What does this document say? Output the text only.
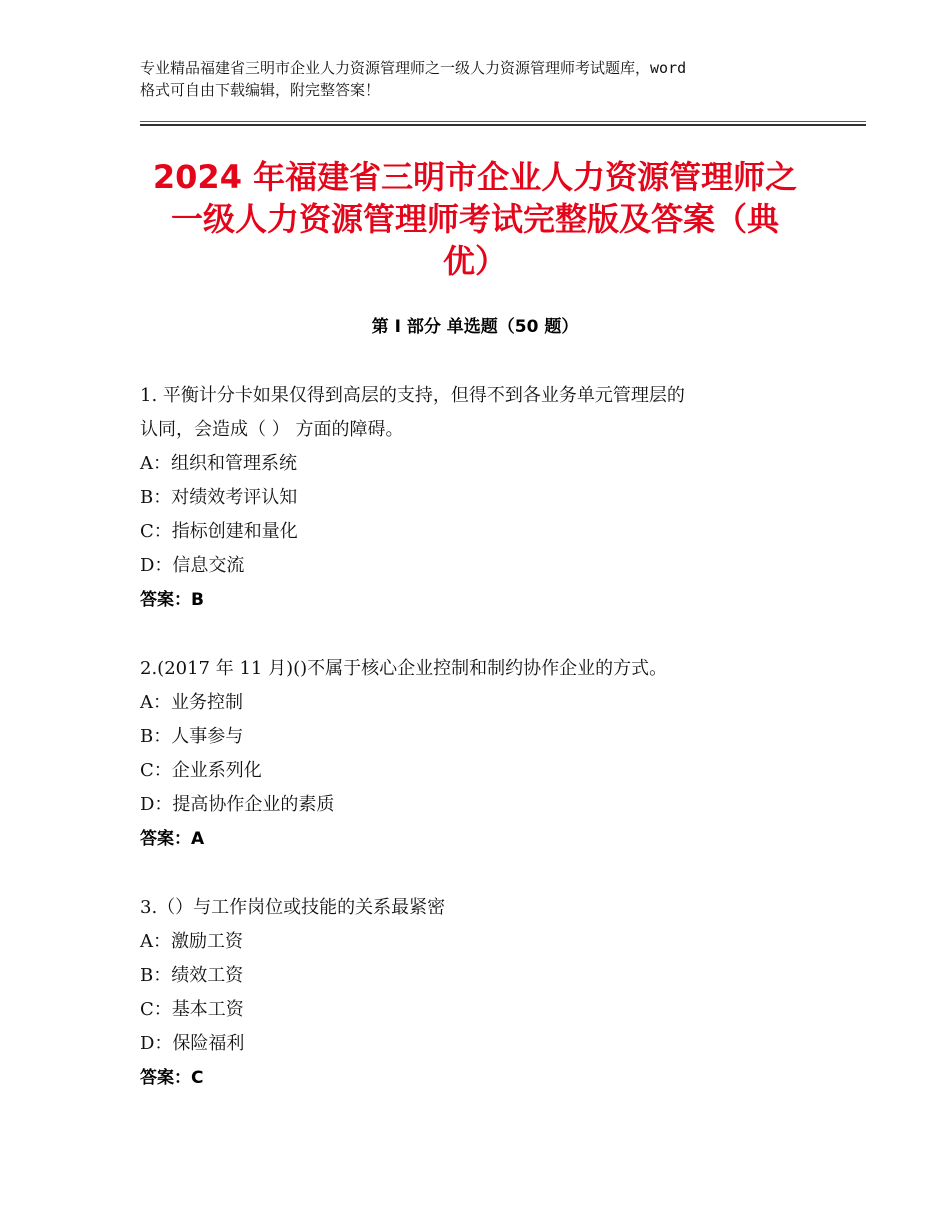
专业精品福建省三明市企业人力资源管理师之一级人力资源管理师考试题库，word
格式可自由下载编辑，附完整答案！
2024 年福建省三明市企业人力资源管理师之
一级人力资源管理师考试完整版及答案（典
优）
第 I 部分 单选题（50 题）
1. 平衡计分卡如果仅得到高层的支持，但得不到各业务单元管理层的
认同，会造成（ ） 方面的障碍。
A：组织和管理系统
B：对绩效考评认知
C：指标创建和量化
D：信息交流
答案：B
2.(2017 年 11 月)()不属于核心企业控制和制约协作企业的方式。
A：业务控制
B：人事参与
C：企业系列化
D：提高协作企业的素质
答案：A
3.（）与工作岗位或技能的关系最紧密
A：激励工资
B：绩效工资
C：基本工资
D：保险福利
答案：C
